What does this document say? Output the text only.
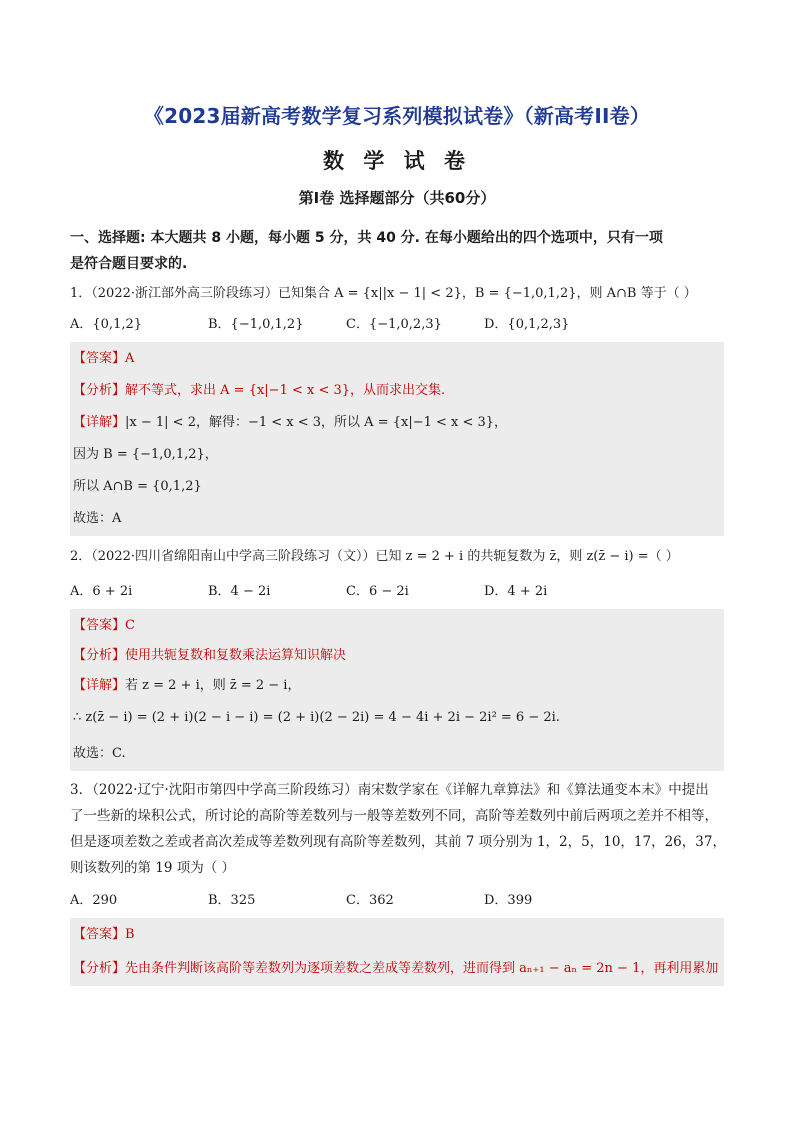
《2023届新高考数学复习系列模拟试卷》（新高考II卷）
数 学 试 卷
第Ⅰ卷 选择题部分（共60分）
一、选择题: 本大题共 8 小题，每小题 5 分，共 40 分. 在每小题给出的四个选项中，只有一项
是符合题目要求的.
1．（2022·浙江部外高三阶段练习）已知集合 A = {x||x − 1| < 2}，B = {−1,0,1,2}，则 A∩B 等于（ ）
A．{0,1,2}	B．{−1,0,1,2}	C．{−1,0,2,3}	D．{0,1,2,3}
【答案】A
【分析】解不等式，求出 A = {x|−1 < x < 3}，从而求出交集.
【详解】|x − 1| < 2，解得：−1 < x < 3，所以 A = {x|−1 < x < 3}，
因为 B = {−1,0,1,2}，
所以 A∩B = {0,1,2}
故选：A
2．（2022·四川省绵阳南山中学高三阶段练习（文））已知 z = 2 + i 的共轭复数为 z̄，则 z(z̄ − i) =（ ）
A．6 + 2i	B．4 − 2i	C．6 − 2i	D．4 + 2i
【答案】C
【分析】使用共轭复数和复数乘法运算知识解决
【详解】若 z = 2 + i，则 z̄ = 2 − i，
∴ z(z̄ − i) = (2 + i)(2 − i − i) = (2 + i)(2 − 2i) = 4 − 4i + 2i − 2i² = 6 − 2i.
故选：C.
3．（2022·辽宁·沈阳市第四中学高三阶段练习）南宋数学家在《详解九章算法》和《算法通变本末》中提出
了一些新的垛积公式，所讨论的高阶等差数列与一般等差数列不同，高阶等差数列中前后两项之差并不相等，
但是逐项差数之差或者高次差成等差数列现有高阶等差数列，其前 7 项分别为 1，2，5，10，17，26，37，
则该数列的第 19 项为（ ）
A．290	B．325	C．362	D．399
【答案】B
【分析】先由条件判断该高阶等差数列为逐项差数之差成等差数列，进而得到 aₙ₊₁ − aₙ = 2n − 1，再利用累加
